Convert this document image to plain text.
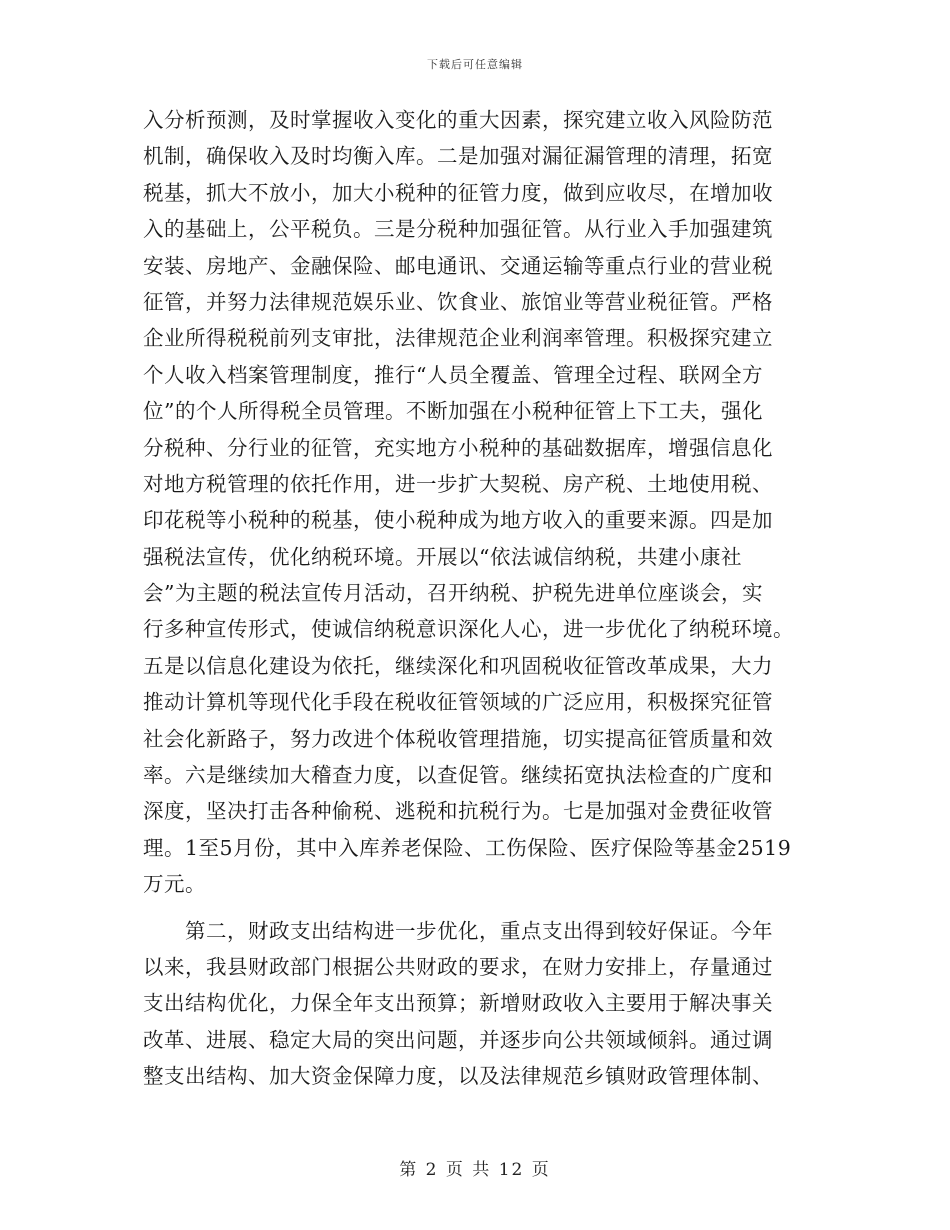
下载后可任意编辑
入分析预测，及时掌握收入变化的重大因素，探究建立收入风险防范
机制，确保收入及时均衡入库。二是加强对漏征漏管理的清理，拓宽
税基，抓大不放小，加大小税种的征管力度，做到应收尽，在增加收
入的基础上，公平税负。三是分税种加强征管。从行业入手加强建筑
安装、房地产、金融保险、邮电通讯、交通运输等重点行业的营业税
征管，并努力法律规范娱乐业、饮食业、旅馆业等营业税征管。严格
企业所得税税前列支审批，法律规范企业利润率管理。积极探究建立
个人收入档案管理制度，推行“人员全覆盖、管理全过程、联网全方
位”的个人所得税全员管理。不断加强在小税种征管上下工夫，强化
分税种、分行业的征管，充实地方小税种的基础数据库，增强信息化
对地方税管理的依托作用，进一步扩大契税、房产税、土地使用税、
印花税等小税种的税基，使小税种成为地方收入的重要来源。四是加
强税法宣传，优化纳税环境。开展以“依法诚信纳税，共建小康社
会”为主题的税法宣传月活动，召开纳税、护税先进单位座谈会，实
行多种宣传形式，使诚信纳税意识深化人心，进一步优化了纳税环境。
五是以信息化建设为依托，继续深化和巩固税收征管改革成果，大力
推动计算机等现代化手段在税收征管领域的广泛应用，积极探究征管
社会化新路子，努力改进个体税收管理措施，切实提高征管质量和效
率。六是继续加大稽查力度，以查促管。继续拓宽执法检查的广度和
深度，坚决打击各种偷税、逃税和抗税行为。七是加强对金费征收管
理。1至5月份，其中入库养老保险、工伤保险、医疗保险等基金2519
万元。
第二，财政支出结构进一步优化，重点支出得到较好保证。今年
以来，我县财政部门根据公共财政的要求，在财力安排上，存量通过
支出结构优化，力保全年支出预算；新增财政收入主要用于解决事关
改革、进展、稳定大局的突出问题，并逐步向公共领域倾斜。通过调
整支出结构、加大资金保障力度，以及法律规范乡镇财政管理体制、
第 2 页 共 12 页
